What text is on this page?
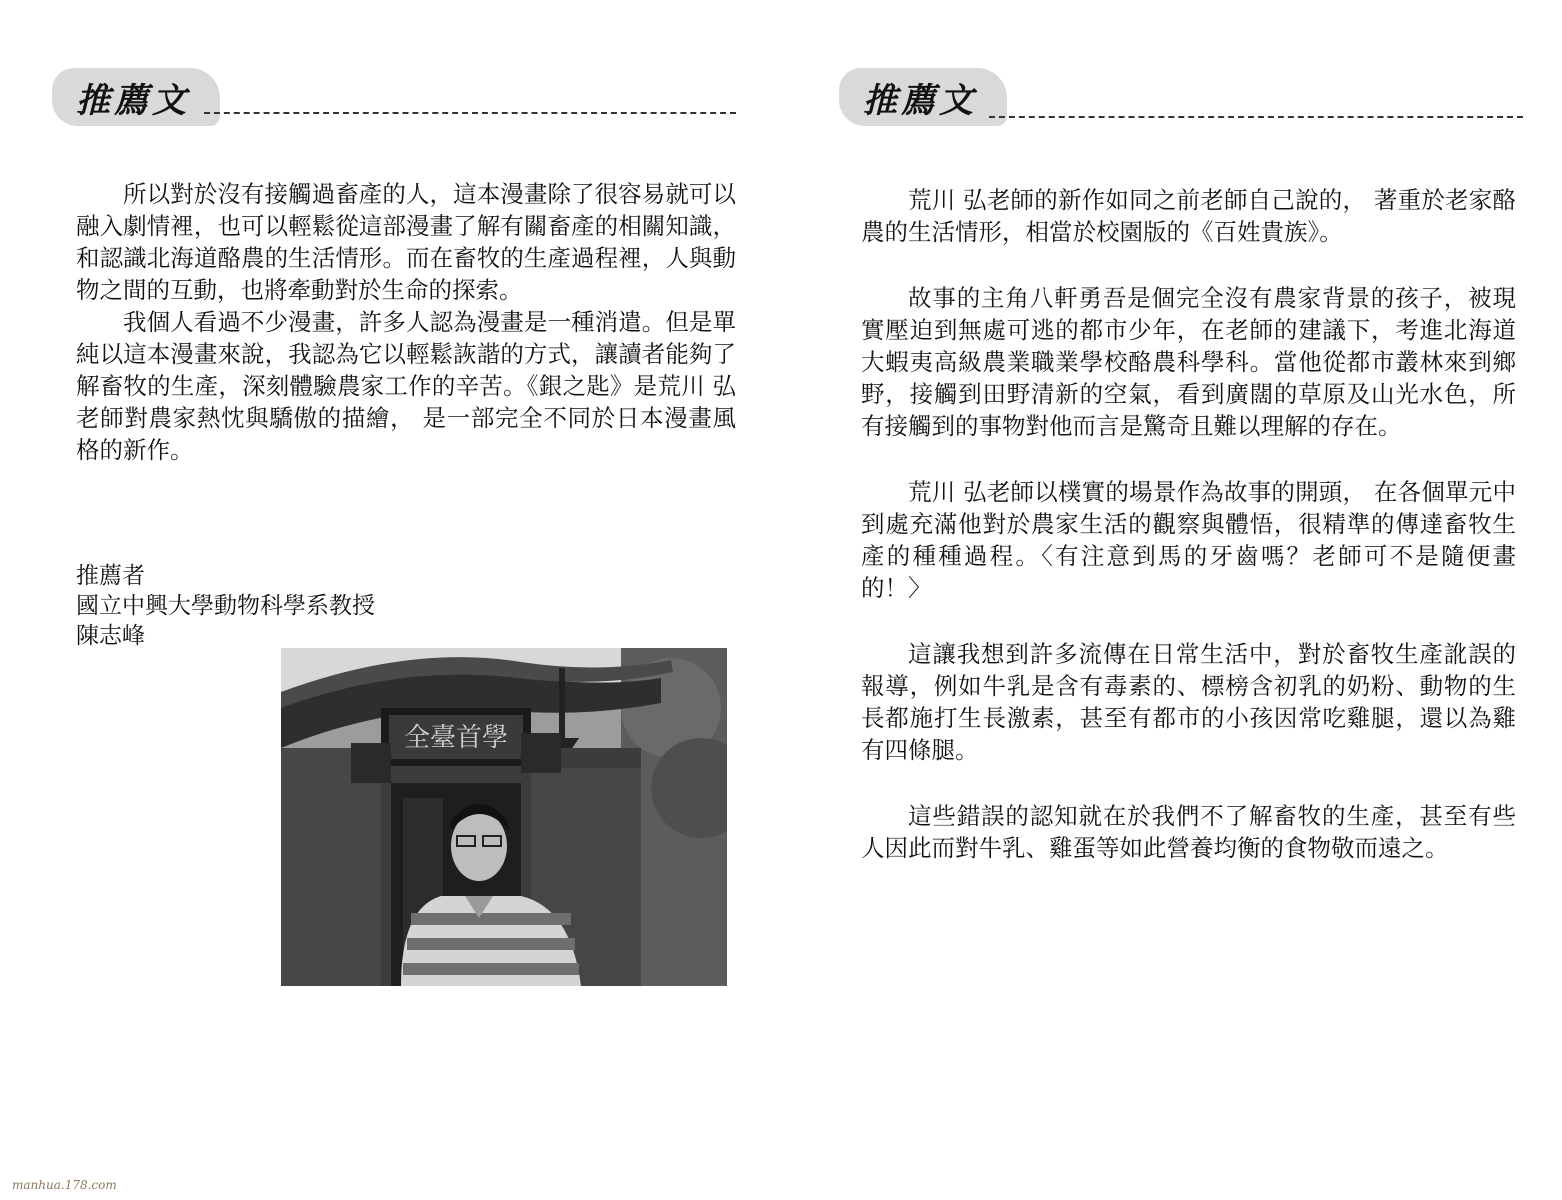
推薦文

所以對於沒有接觸過畜產的人，這本漫畫除了很容易就可以融入劇情裡，也可以輕鬆從這部漫畫了解有關畜產的相關知識，和認識北海道酪農的生活情形。而在畜牧的生產過程裡，人與動物之間的互動，也將牽動對於生命的探索。

我個人看過不少漫畫，許多人認為漫畫是一種消遣。但是單純以這本漫畫來說，我認為它以輕鬆詼諧的方式，讓讀者能夠了解畜牧的生產，深刻體驗農家工作的辛苦。《銀之匙》是荒川 弘老師對農家熱忱與驕傲的描繪， 是一部完全不同於日本漫畫風格的新作。

推薦者
國立中興大學動物科學系教授
陳志峰
全臺首學
推薦文

荒川 弘老師的新作如同之前老師自己說的， 著重於老家酪農的生活情形，相當於校園版的《百姓貴族》。

故事的主角八軒勇吾是個完全沒有農家背景的孩子，被現實壓迫到無處可逃的都市少年，在老師的建議下，考進北海道大蝦夷高級農業職業學校酪農科學科。當他從都市叢林來到鄉野，接觸到田野清新的空氣，看到廣闊的草原及山光水色，所有接觸到的事物對他而言是驚奇且難以理解的存在。

荒川 弘老師以樸實的場景作為故事的開頭， 在各個單元中到處充滿他對於農家生活的觀察與體悟，很精準的傳達畜牧生產的種種過程。〈有注意到馬的牙齒嗎？老師可不是隨便畫的！〉

這讓我想到許多流傳在日常生活中，對於畜牧生產訛誤的報導，例如牛乳是含有毒素的、標榜含初乳的奶粉、動物的生長都施打生長激素，甚至有都市的小孩因常吃雞腿，還以為雞有四條腿。

這些錯誤的認知就在於我們不了解畜牧的生產，甚至有些人因此而對牛乳、雞蛋等如此營養均衡的食物敬而遠之。

manhua.178.com
